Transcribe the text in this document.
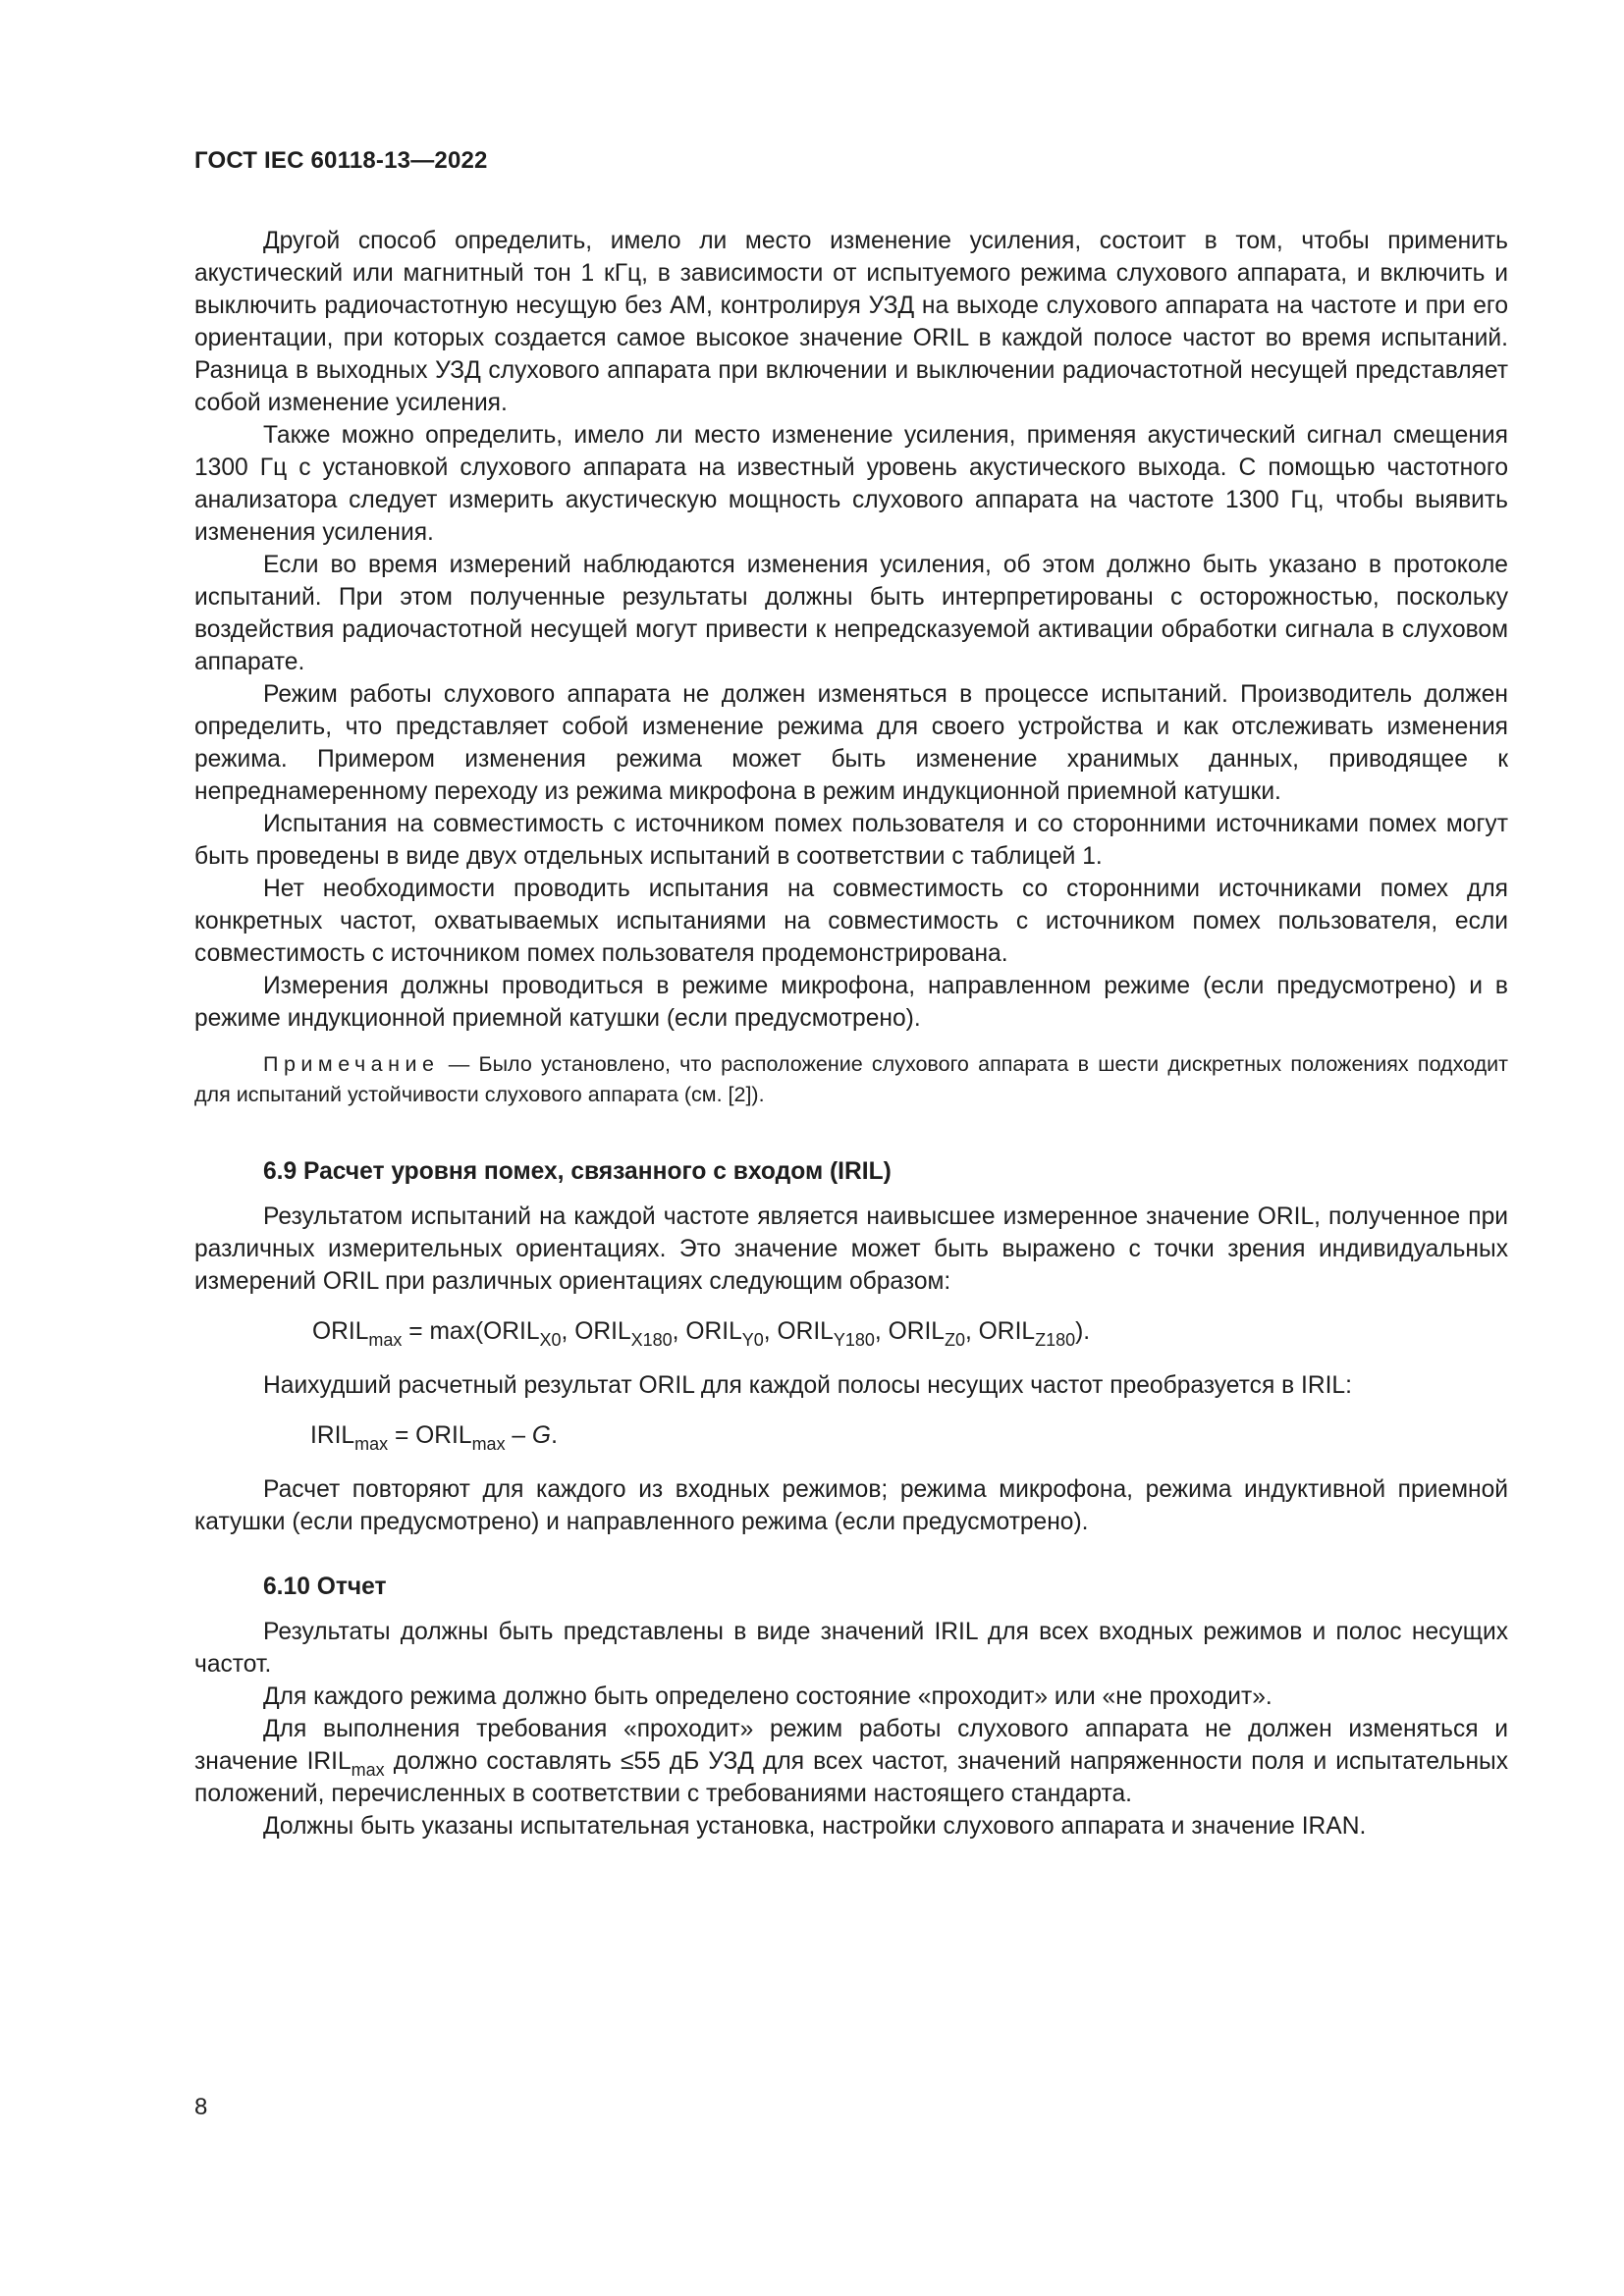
ГОСТ IEC 60118-13—2022

Другой способ определить, имело ли место изменение усиления, состоит в том, чтобы применить акустический или магнитный тон 1 кГц, в зависимости от испытуемого режима слухового аппарата, и включить и выключить радиочастотную несущую без АМ, контролируя УЗД на выходе слухового аппарата на частоте и при его ориентации, при которых создается самое высокое значение ORIL в каждой полосе частот во время испытаний. Разница в выходных УЗД слухового аппарата при включении и выключении радиочастотной несущей представляет собой изменение усиления.

Также можно определить, имело ли место изменение усиления, применяя акустический сигнал смещения 1300 Гц с установкой слухового аппарата на известный уровень акустического выхода. С помощью частотного анализатора следует измерить акустическую мощность слухового аппарата на частоте 1300 Гц, чтобы выявить изменения усиления.

Если во время измерений наблюдаются изменения усиления, об этом должно быть указано в протоколе испытаний. При этом полученные результаты должны быть интерпретированы с осторожностью, поскольку воздействия радиочастотной несущей могут привести к непредсказуемой активации обработки сигнала в слуховом аппарате.

Режим работы слухового аппарата не должен изменяться в процессе испытаний. Производитель должен определить, что представляет собой изменение режима для своего устройства и как отслеживать изменения режима. Примером изменения режима может быть изменение хранимых данных, приводящее к непреднамеренному переходу из режима микрофона в режим индукционной приемной катушки.

Испытания на совместимость с источником помех пользователя и со сторонними источниками помех могут быть проведены в виде двух отдельных испытаний в соответствии с таблицей 1.

Нет необходимости проводить испытания на совместимость со сторонними источниками помех для конкретных частот, охватываемых испытаниями на совместимость с источником помех пользователя, если совместимость с источником помех пользователя продемонстрирована.

Измерения должны проводиться в режиме микрофона, направленном режиме (если предусмотрено) и в режиме индукционной приемной катушки (если предусмотрено).

Примечание — Было установлено, что расположение слухового аппарата в шести дискретных положениях подходит для испытаний устойчивости слухового аппарата (см. [2]).

6.9 Расчет уровня помех, связанного с входом (IRIL)

Результатом испытаний на каждой частоте является наивысшее измеренное значение ORIL, полученное при различных измерительных ориентациях. Это значение может быть выражено с точки зрения индивидуальных измерений ORIL при различных ориентациях следующим образом:

$ORIL_{max}$ = $\max(ORIL_{X0}$, $ORIL_{X180}$, $ORIL_{Y0}$, $ORIL_{Y180}$, $ORIL_{Z0}$, $ORIL_{Z180}$).

Наихудший расчетный результат ORIL для каждой полосы несущих частот преобразуется в IRIL:

$IRIL_{max}$ = $ORIL_{max}$ – G.

Расчет повторяют для каждого из входных режимов; режима микрофона, режима индуктивной приемной катушки (если предусмотрено) и направленного режима (если предусмотрено).

6.10 Отчет

Результаты должны быть представлены в виде значений IRIL для всех входных режимов и полос несущих частот.

Для каждого режима должно быть определено состояние «проходит» или «не проходит».

Для выполнения требования «проходит» режим работы слухового аппарата не должен изменяться и значение $IRIL_{max}$ должно составлять ≤55 дБ УЗД для всех частот, значений напряженности поля и испытательных положений, перечисленных в соответствии с требованиями настоящего стандарта.

Должны быть указаны испытательная установка, настройки слухового аппарата и значение IRAN.

8
